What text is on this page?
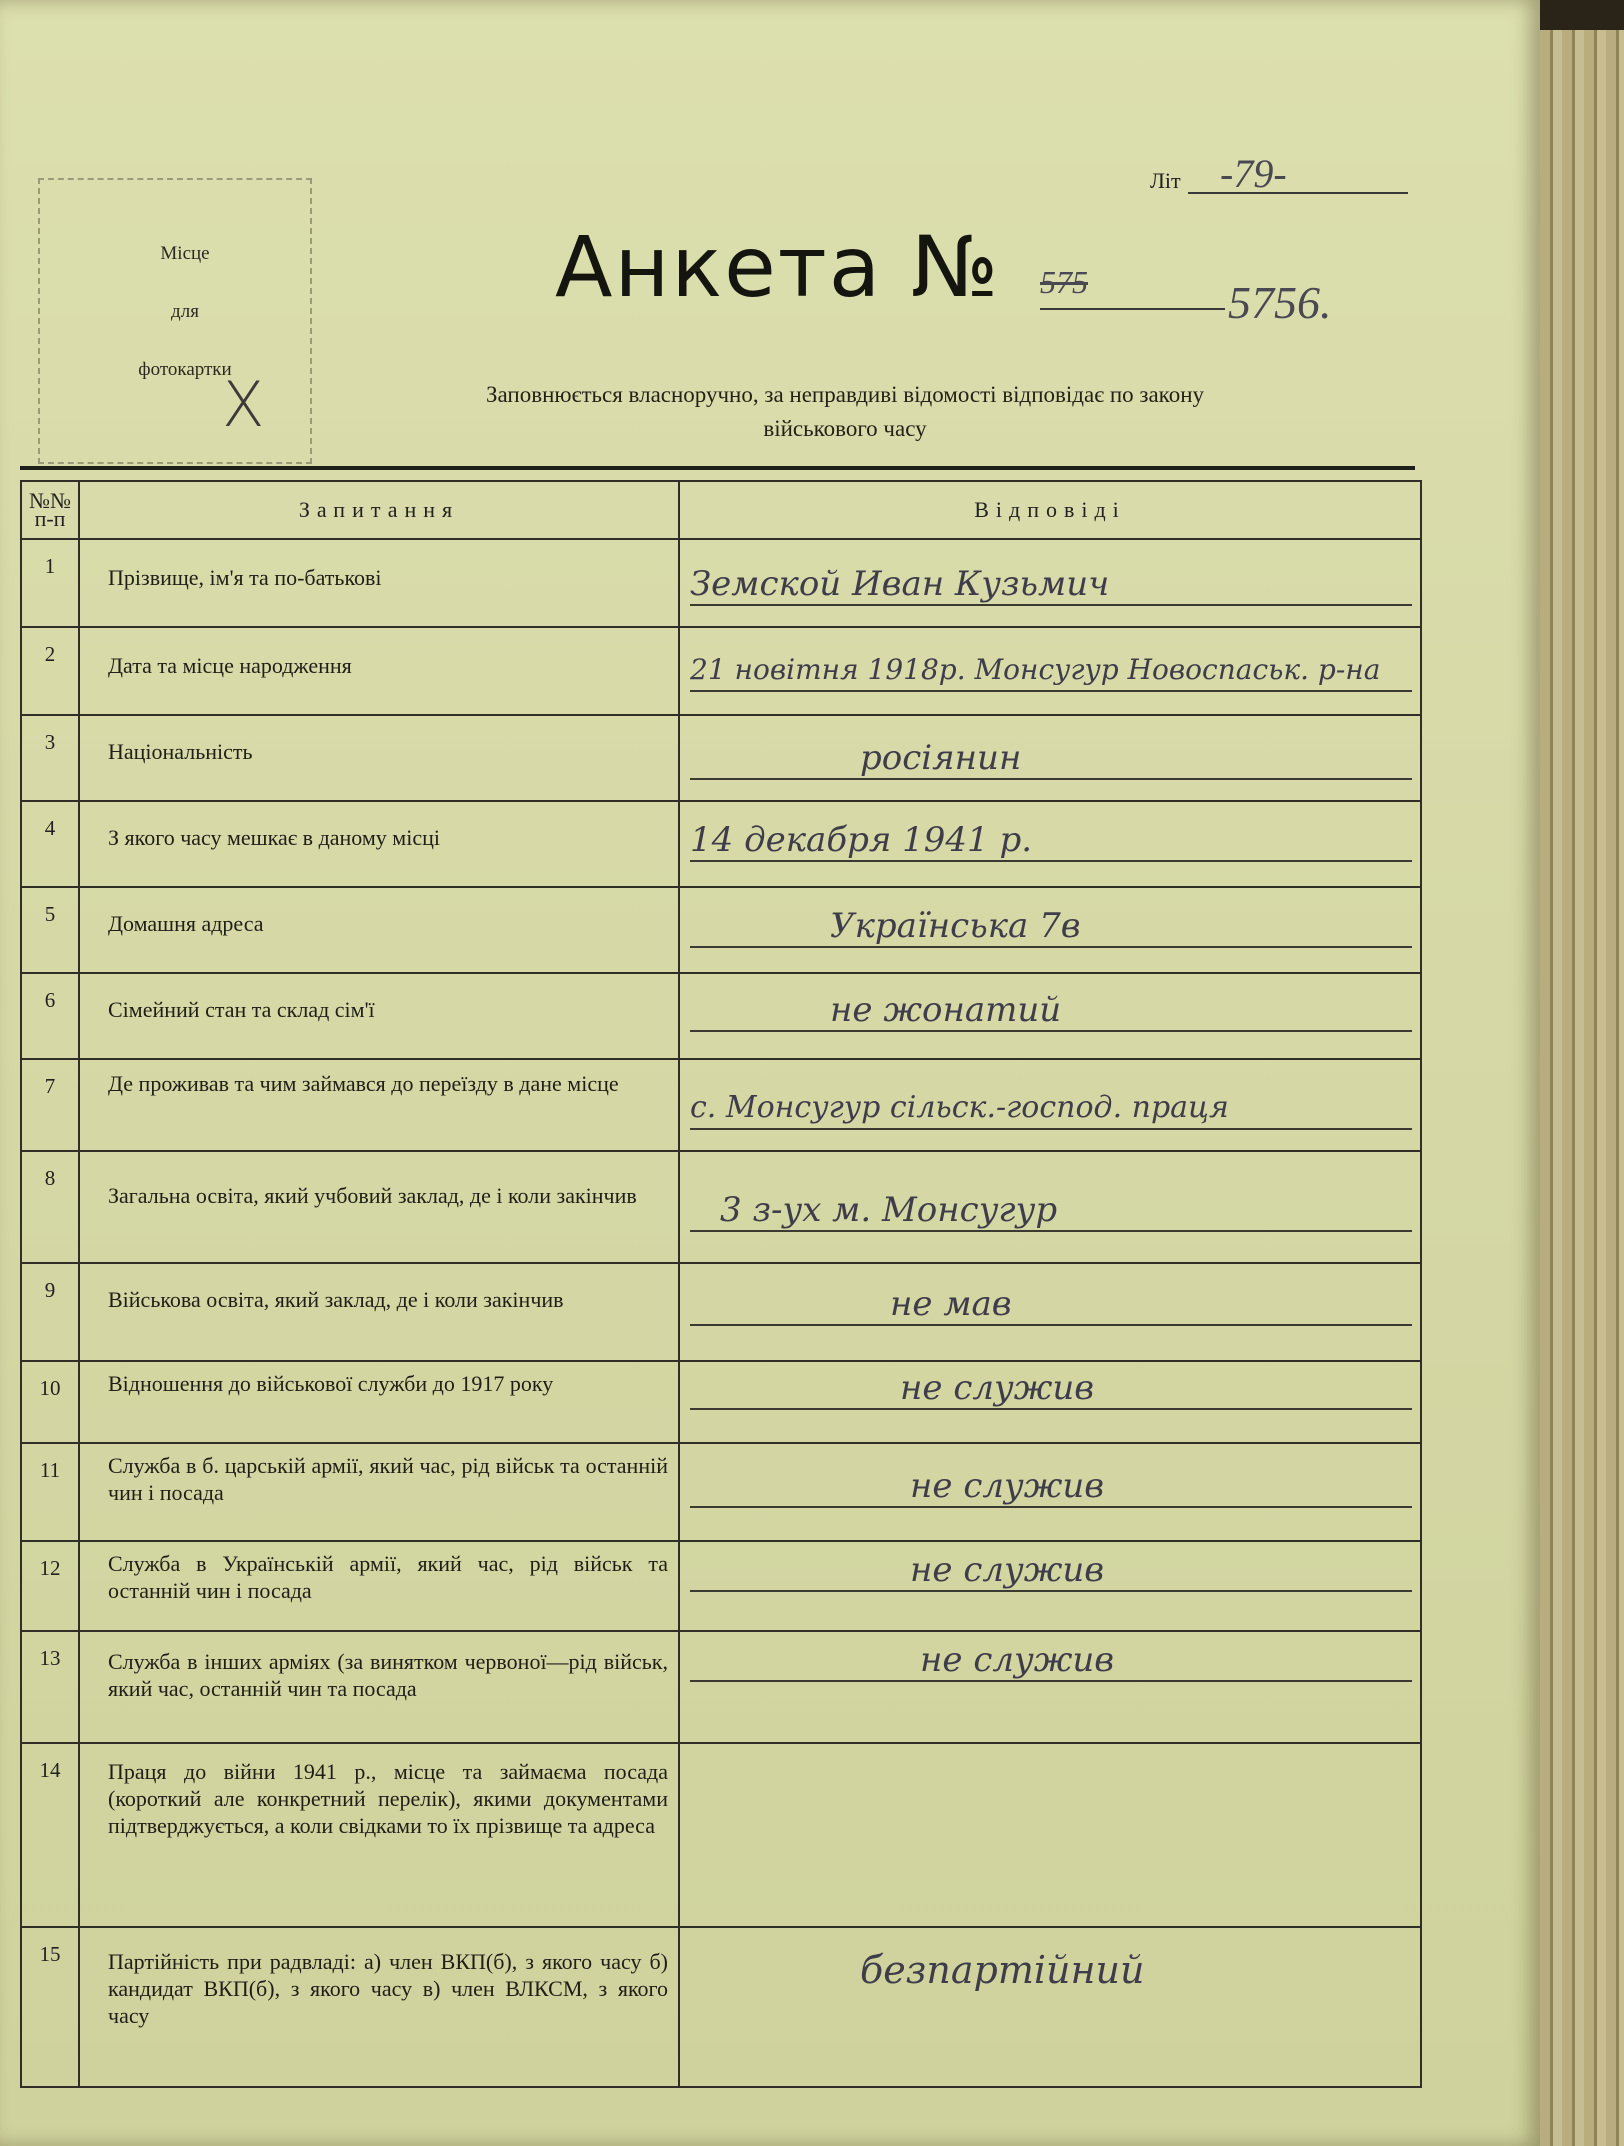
Місце
для
фотокартки
X
Літ -79-
Анкета № 575	5756.
Заповнюється власноручно, за неправдиві відомості відповідає по закону
військового часу
№№ п-п	Запитання	Відповіді
1	Прізвище, ім'я та по-батькові	Земской Иван Кузьмич

2	Дата та місце народження	21 новітня 1918р. Монсугур Новоспаськ. р-на

3	Національність	росіянин

4	З якого часу мешкає в даному місці	14 декабря 1941 р.

5	Домашня адреса	Українська 7в

6	Сімейний стан та склад сім'ї	не жонатий

7	Де проживав та чим займався до переїзду в дане місце	с. Монсугур сільск.-господ. праця

8	Загальна освіта, який учбовий заклад, де і коли закінчив	3 з-ух м. Монсугур

9	Військова освіта, який заклад, де і коли закінчив	не мав

10	Відношення до військової служби до 1917 року	не служив

11	Служба в б. царській армії, який час, рід військ та останній чин і посада	не служив

12	Служба в Українській армії, який час, рід військ та останній чин і посада	не служив

13	Служба в інших арміях (за винятком червоної—рід військ, який час, останній чин та посада	не служив

14	Праця до війни 1941 р., місце та займаєма посада (короткий але конкретний перелік), якими документами підтверджується, а коли свідками то їх прізвище та адреса	
15	Партійність при радвладі: а) член ВКП(б), з якого часу б) кандидат ВКП(б), з якого часу в) член ВЛКСМ, з якого часу	безпартійний
